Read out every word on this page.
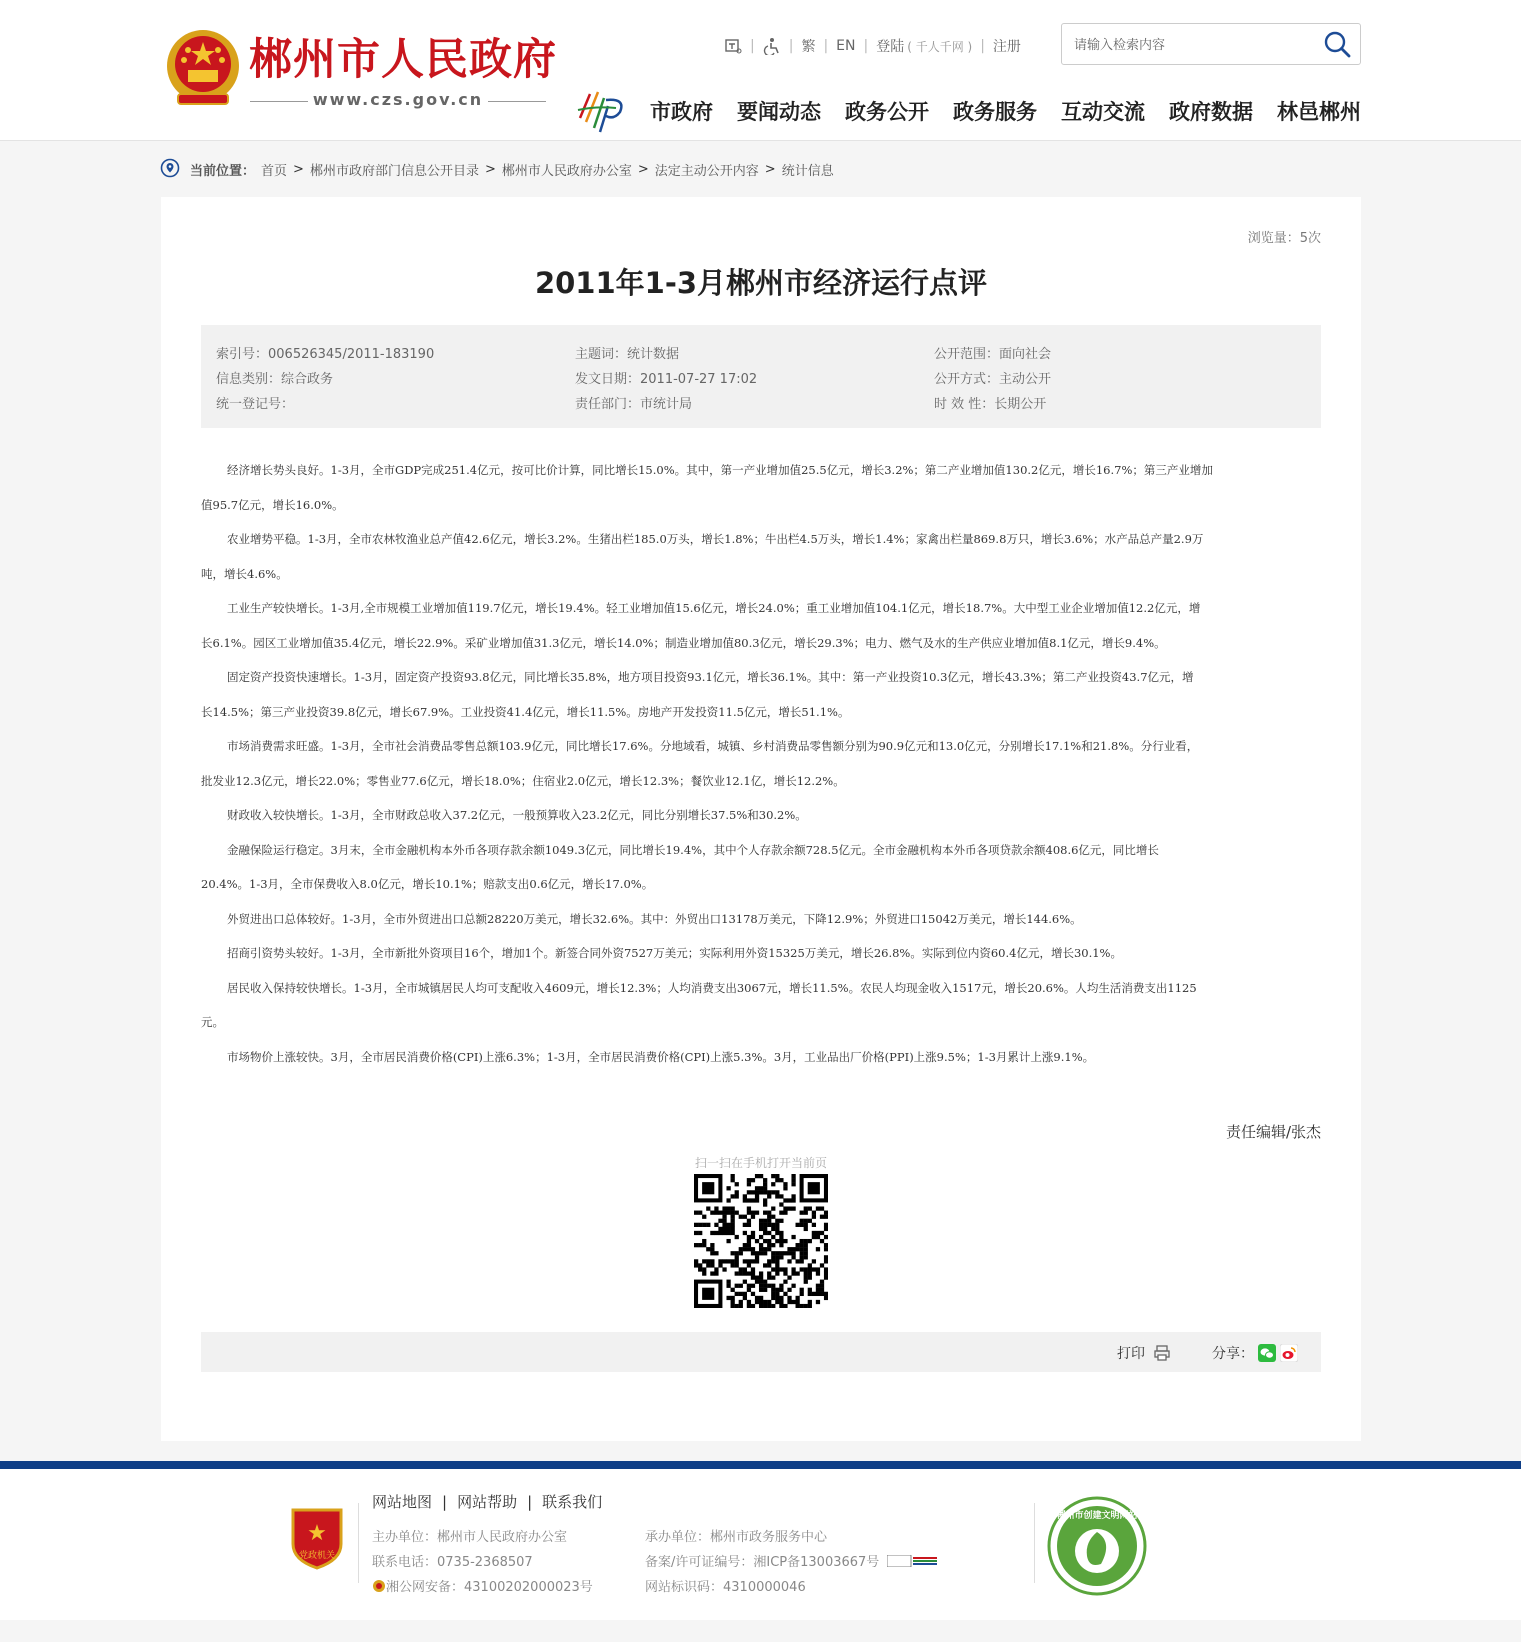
郴州市人民政府
www.czs.gov.cn
| | 繁 | EN | 登陆 ( 千人千网 ) | 注册
请输入检索内容
市政府 要闻动态 政务公开 政务服务 互动交流 政府数据 林邑郴州
当前位置： 首页 > 郴州市政府部门信息公开目录 > 郴州市人民政府办公室 > 法定主动公开内容 > 统计信息
浏览量：5次
2011年1-3月郴州市经济运行点评
索引号：006526345/2011-183190
信息类别：综合政务
统一登记号：
主题词：统计数据
发文日期：2011-07-27 17:02
责任部门：市统计局
公开范围：面向社会
公开方式：主动公开
时 效 性：长期公开

经济增长势头良好。1-3月，全市GDP完成251.4亿元，按可比价计算，同比增长15.0%。其中，第一产业增加值25.5亿元，增长3.2%；第二产业增加值130.2亿元，增长16.7%；第三产业增加

值95.7亿元，增长16.0%。

农业增势平稳。1-3月，全市农林牧渔业总产值42.6亿元，增长3.2%。生猪出栏185.0万头，增长1.8%；牛出栏4.5万头，增长1.4%；家禽出栏量869.8万只，增长3.6%；水产品总产量2.9万

吨，增长4.6%。

工业生产较快增长。1-3月,全市规模工业增加值119.7亿元，增长19.4%。轻工业增加值15.6亿元，增长24.0%；重工业增加值104.1亿元，增长18.7%。大中型工业企业增加值12.2亿元，增

长6.1%。园区工业增加值35.4亿元，增长22.9%。采矿业增加值31.3亿元，增长14.0%；制造业增加值80.3亿元，增长29.3%；电力、燃气及水的生产供应业增加值8.1亿元，增长9.4%。

固定资产投资快速增长。1-3月，固定资产投资93.8亿元，同比增长35.8%，地方项目投资93.1亿元，增长36.1%。其中：第一产业投资10.3亿元，增长43.3%；第二产业投资43.7亿元，增

长14.5%；第三产业投资39.8亿元，增长67.9%。工业投资41.4亿元，增长11.5%。房地产开发投资11.5亿元，增长51.1%。

市场消费需求旺盛。1-3月，全市社会消费品零售总额103.9亿元，同比增长17.6%。分地域看，城镇、乡村消费品零售额分别为90.9亿元和13.0亿元，分别增长17.1%和21.8%。分行业看，

批发业12.3亿元，增长22.0%；零售业77.6亿元，增长18.0%；住宿业2.0亿元，增长12.3%；餐饮业12.1亿，增长12.2%。

财政收入较快增长。1-3月，全市财政总收入37.2亿元，一般预算收入23.2亿元，同比分别增长37.5%和30.2%。

金融保险运行稳定。3月末，全市金融机构本外币各项存款余额1049.3亿元，同比增长19.4%，其中个人存款余额728.5亿元。全市金融机构本外币各项贷款余额408.6亿元，同比增长

20.4%。1-3月，全市保费收入8.0亿元，增长10.1%；赔款支出0.6亿元，增长17.0%。

外贸进出口总体较好。1-3月，全市外贸进出口总额28220万美元，增长32.6%。其中：外贸出口13178万美元，下降12.9%；外贸进口15042万美元，增长144.6%。

招商引资势头较好。1-3月，全市新批外资项目16个，增加1个。新签合同外资7527万美元；实际利用外资15325万美元，增长26.8%。实际到位内资60.4亿元，增长30.1%。

居民收入保持较快增长。1-3月，全市城镇居民人均可支配收入4609元，增长12.3%；人均消费支出3067元，增长11.5%。农民人均现金收入1517元，增长20.6%。人均生活消费支出1125

元。

市场物价上涨较快。3月，全市居民消费价格(CPI)上涨6.3%；1-3月，全市居民消费价格(CPI)上涨5.3%。3月，工业品出厂价格(PPI)上涨9.5%；1-3月累计上涨9.1%。

责任编辑/张杰
扫一扫在手机打开当前页
打印	分享：
★
党政机关
网站地图 | 网站帮助 | 联系我们
主办单位：郴州市人民政府办公室
联系电话：0735-2368507
湘公网安备：43100202000023号
承办单位：郴州市政务服务中心
备案/许可证编号：湘ICP备13003667号
网站标识码：4310000046
郴州市创建文明网站
